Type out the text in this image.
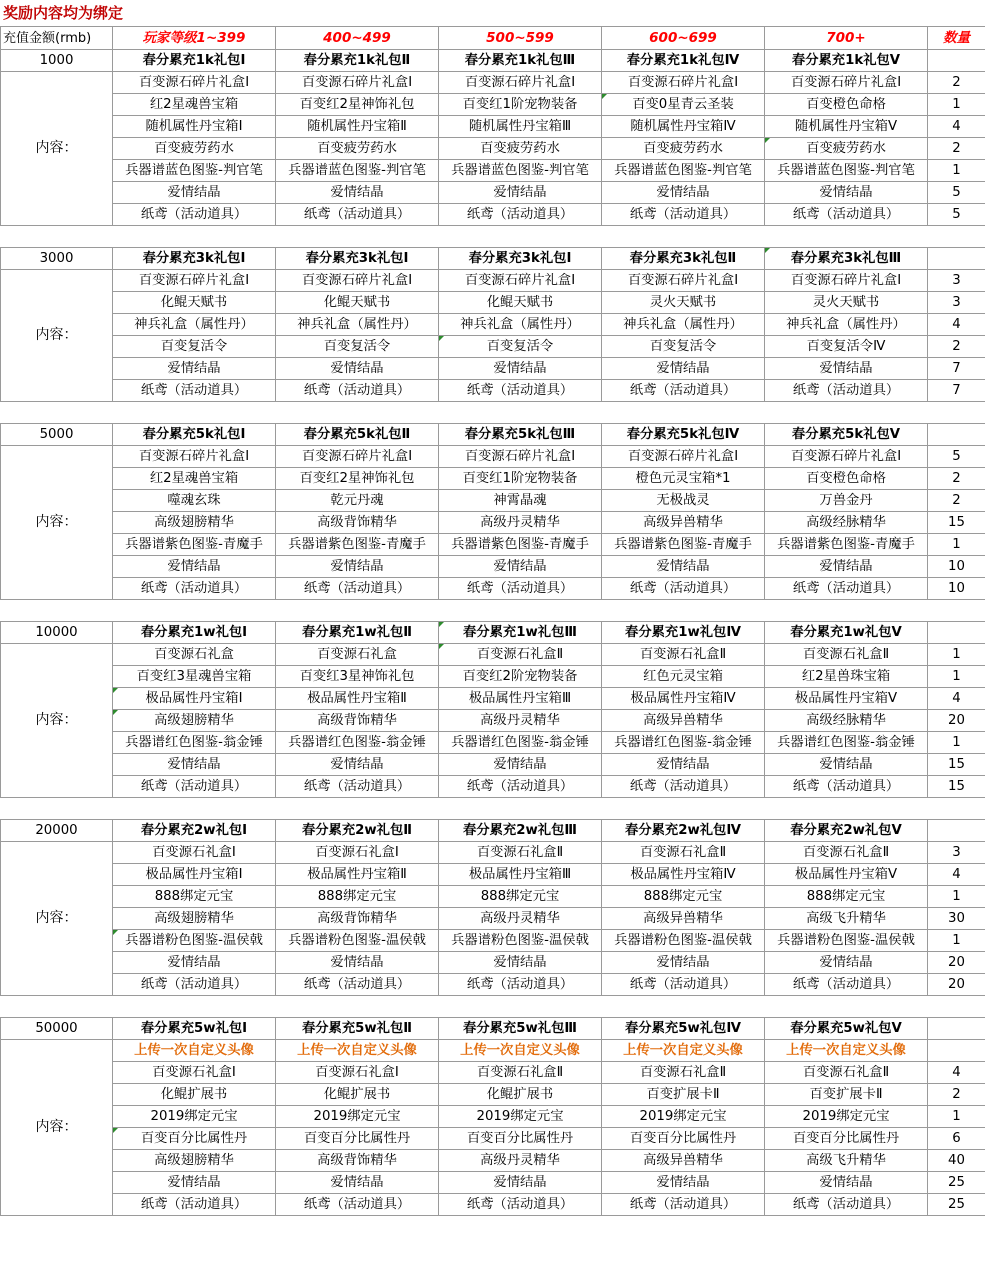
奖励内容均为绑定
充值金额(rmb)	玩家等级1~399	400~499	500~599	600~699	700+	数量
1000	春分累充1k礼包I	春分累充1k礼包Ⅱ	春分累充1k礼包Ⅲ	春分累充1k礼包Ⅳ	春分累充1k礼包Ⅴ	
内容：	百变源石碎片礼盒Ⅰ	百变源石碎片礼盒Ⅰ	百变源石碎片礼盒Ⅰ	百变源石碎片礼盒Ⅰ	百变源石碎片礼盒Ⅰ	2
	红2星魂兽宝箱	百变红2星神饰礼包	百变红1阶宠物装备	百变0星青云圣装	百变橙色命格	1
	随机属性丹宝箱Ⅰ	随机属性丹宝箱Ⅱ	随机属性丹宝箱Ⅲ	随机属性丹宝箱Ⅳ	随机属性丹宝箱Ⅴ	4
	百变疲劳药水	百变疲劳药水	百变疲劳药水	百变疲劳药水	百变疲劳药水	2
	兵器谱蓝色图鉴-判官笔	兵器谱蓝色图鉴-判官笔	兵器谱蓝色图鉴-判官笔	兵器谱蓝色图鉴-判官笔	兵器谱蓝色图鉴-判官笔	1
	爱情结晶	爱情结晶	爱情结晶	爱情结晶	爱情结晶	5
	纸鸢（活动道具）	纸鸢（活动道具）	纸鸢（活动道具）	纸鸢（活动道具）	纸鸢（活动道具）	5

3000	春分累充3k礼包I	春分累充3k礼包I	春分累充3k礼包I	春分累充3k礼包Ⅱ	春分累充3k礼包Ⅲ	
内容：	百变源石碎片礼盒Ⅰ	百变源石碎片礼盒Ⅰ	百变源石碎片礼盒Ⅰ	百变源石碎片礼盒Ⅰ	百变源石碎片礼盒Ⅰ	3
	化鲲天赋书	化鲲天赋书	化鲲天赋书	灵火天赋书	灵火天赋书	3
	神兵礼盒（属性丹）	神兵礼盒（属性丹）	神兵礼盒（属性丹）	神兵礼盒（属性丹）	神兵礼盒（属性丹）	4
	百变复活令	百变复活令	百变复活令	百变复活令	百变复活令Ⅳ	2
	爱情结晶	爱情结晶	爱情结晶	爱情结晶	爱情结晶	7
	纸鸢（活动道具）	纸鸢（活动道具）	纸鸢（活动道具）	纸鸢（活动道具）	纸鸢（活动道具）	7

5000	春分累充5k礼包I	春分累充5k礼包Ⅱ	春分累充5k礼包Ⅲ	春分累充5k礼包Ⅳ	春分累充5k礼包Ⅴ	
内容：	百变源石碎片礼盒Ⅰ	百变源石碎片礼盒Ⅰ	百变源石碎片礼盒Ⅰ	百变源石碎片礼盒Ⅰ	百变源石碎片礼盒Ⅰ	5
	红2星魂兽宝箱	百变红2星神饰礼包	百变红1阶宠物装备	橙色元灵宝箱*1	百变橙色命格	2
	噬魂玄珠	乾元丹魂	神霄晶魂	无极战灵	万兽金丹	2
	高级翅膀精华	高级背饰精华	高级丹灵精华	高级异兽精华	高级经脉精华	15
	兵器谱紫色图鉴-青魔手	兵器谱紫色图鉴-青魔手	兵器谱紫色图鉴-青魔手	兵器谱紫色图鉴-青魔手	兵器谱紫色图鉴-青魔手	1
	爱情结晶	爱情结晶	爱情结晶	爱情结晶	爱情结晶	10
	纸鸢（活动道具）	纸鸢（活动道具）	纸鸢（活动道具）	纸鸢（活动道具）	纸鸢（活动道具）	10

10000	春分累充1w礼包I	春分累充1w礼包Ⅱ	春分累充1w礼包Ⅲ	春分累充1w礼包Ⅳ	春分累充1w礼包Ⅴ	
内容：	百变源石礼盒	百变源石礼盒	百变源石礼盒Ⅱ	百变源石礼盒Ⅱ	百变源石礼盒Ⅱ	1
	百变红3星魂兽宝箱	百变红3星神饰礼包	百变红2阶宠物装备	红色元灵宝箱	红2星兽珠宝箱	1
	极品属性丹宝箱Ⅰ	极品属性丹宝箱Ⅱ	极品属性丹宝箱Ⅲ	极品属性丹宝箱Ⅳ	极品属性丹宝箱Ⅴ	4
	高级翅膀精华	高级背饰精华	高级丹灵精华	高级异兽精华	高级经脉精华	20
	兵器谱红色图鉴-翁金锤	兵器谱红色图鉴-翁金锤	兵器谱红色图鉴-翁金锤	兵器谱红色图鉴-翁金锤	兵器谱红色图鉴-翁金锤	1
	爱情结晶	爱情结晶	爱情结晶	爱情结晶	爱情结晶	15
	纸鸢（活动道具）	纸鸢（活动道具）	纸鸢（活动道具）	纸鸢（活动道具）	纸鸢（活动道具）	15

20000	春分累充2w礼包I	春分累充2w礼包Ⅱ	春分累充2w礼包Ⅲ	春分累充2w礼包Ⅳ	春分累充2w礼包Ⅴ	
内容：	百变源石礼盒Ⅰ	百变源石礼盒Ⅰ	百变源石礼盒Ⅱ	百变源石礼盒Ⅱ	百变源石礼盒Ⅱ	3
	极品属性丹宝箱Ⅰ	极品属性丹宝箱Ⅱ	极品属性丹宝箱Ⅲ	极品属性丹宝箱Ⅳ	极品属性丹宝箱Ⅴ	4
	888绑定元宝	888绑定元宝	888绑定元宝	888绑定元宝	888绑定元宝	1
	高级翅膀精华	高级背饰精华	高级丹灵精华	高级异兽精华	高级飞升精华	30
	兵器谱粉色图鉴-温侯戟	兵器谱粉色图鉴-温侯戟	兵器谱粉色图鉴-温侯戟	兵器谱粉色图鉴-温侯戟	兵器谱粉色图鉴-温侯戟	1
	爱情结晶	爱情结晶	爱情结晶	爱情结晶	爱情结晶	20
	纸鸢（活动道具）	纸鸢（活动道具）	纸鸢（活动道具）	纸鸢（活动道具）	纸鸢（活动道具）	20

50000	春分累充5w礼包I	春分累充5w礼包Ⅱ	春分累充5w礼包Ⅲ	春分累充5w礼包Ⅳ	春分累充5w礼包Ⅴ	
内容：	上传一次自定义头像	上传一次自定义头像	上传一次自定义头像	上传一次自定义头像	上传一次自定义头像	
	百变源石礼盒Ⅰ	百变源石礼盒Ⅰ	百变源石礼盒Ⅱ	百变源石礼盒Ⅱ	百变源石礼盒Ⅱ	4
	化鲲扩展书	化鲲扩展书	化鲲扩展书	百变扩展卡Ⅱ	百变扩展卡Ⅱ	2
	2019绑定元宝	2019绑定元宝	2019绑定元宝	2019绑定元宝	2019绑定元宝	1
	百变百分比属性丹	百变百分比属性丹	百变百分比属性丹	百变百分比属性丹	百变百分比属性丹	6
	高级翅膀精华	高级背饰精华	高级丹灵精华	高级异兽精华	高级飞升精华	40
	爱情结晶	爱情结晶	爱情结晶	爱情结晶	爱情结晶	25
	纸鸢（活动道具）	纸鸢（活动道具）	纸鸢（活动道具）	纸鸢（活动道具）	纸鸢（活动道具）	25
